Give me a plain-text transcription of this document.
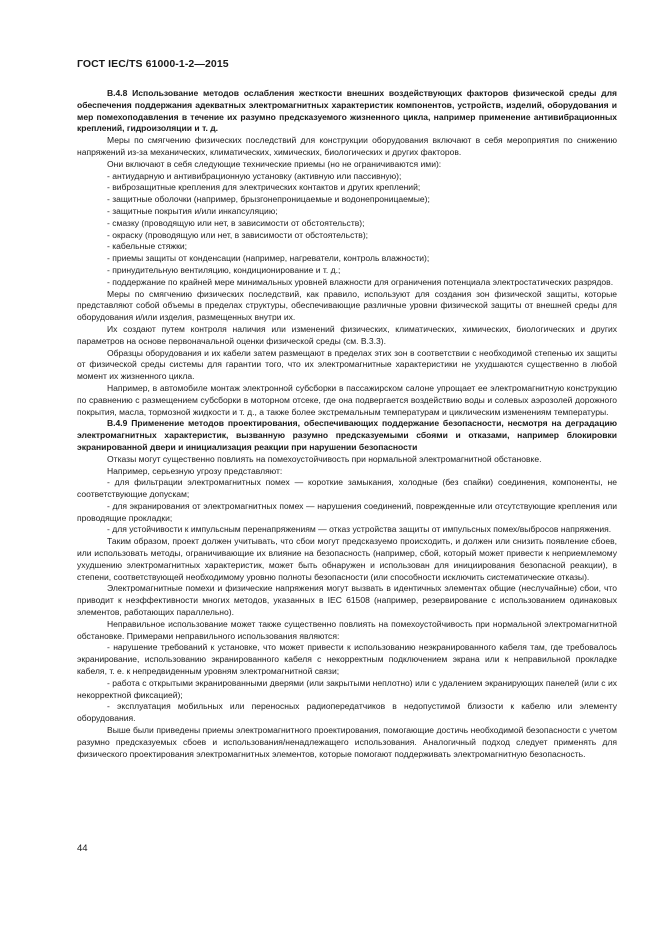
ГОСТ IEC/TS 61000-1-2—2015

В.4.8 Использование методов ослабления жесткости внешних воздействующих факторов физической среды для обеспечения поддержания адекватных электромагнитных характеристик компонентов, устройств, изделий, оборудования и мер помехоподавления в течение их разумно предсказуемого жизненного цикла, например применение антивибрационных креплений, гидроизоляции и т. д.

Меры по смягчению физических последствий для конструкции оборудования включают в себя мероприятия по снижению напряжений из-за механических, климатических, химических, биологических и других факторов.

Они включают в себя следующие технические приемы (но не ограничиваются ими):

- антиударную и антивибрационную установку (активную или пассивную);

- виброзащитные крепления для электрических контактов и других креплений;

- защитные оболочки (например, брызгонепроницаемые и водонепроницаемые);

- защитные покрытия и/или инкапсуляцию;

- смазку (проводящую или нет, в зависимости от обстоятельств);

- окраску (проводящую или нет, в зависимости от обстоятельств);

- кабельные стяжки;

- приемы защиты от конденсации (например, нагреватели, контроль влажности);

- принудительную вентиляцию, кондиционирование и т. д.;

- поддержание по крайней мере минимальных уровней влажности для ограничения потенциала электростатических разрядов.

Меры по смягчению физических последствий, как правило, используют для создания зон физической защиты, которые представляют собой объемы в пределах структуры, обеспечивающие различные уровни физической защиты от внешней среды для оборудования и/или изделия, размещенных внутри их.

Их создают путем контроля наличия или изменений физических, климатических, химических, биологических и других параметров на основе первоначальной оценки физической среды (см. В.3.3).

Образцы оборудования и их кабели затем размещают в пределах этих зон в соответствии с необходимой степенью их защиты от физической среды системы для гарантии того, что их электромагнитные характеристики не ухудшаются существенно в любой момент их жизненного цикла.

Например, в автомобиле монтаж электронной субсборки в пассажирском салоне упрощает ее электромагнитную конструкцию по сравнению с размещением субсборки в моторном отсеке, где она подвергается воздействию воды и солевых аэрозолей дорожного покрытия, масла, тормозной жидкости и т. д., а также более экстремальным температурам и циклическим изменениям температуры.

В.4.9 Применение методов проектирования, обеспечивающих поддержание безопасности, несмотря на деградацию электромагнитных характеристик, вызванную разумно предсказуемыми сбоями и отказами, например блокировки экранированной двери и инициализация реакции при нарушении безопасности

Отказы могут существенно повлиять на помехоустойчивость при нормальной электромагнитной обстановке.

Например, серьезную угрозу представляют:

- для фильтрации электромагнитных помех — короткие замыкания, холодные (без спайки) соединения, компоненты, не соответствующие допускам;

- для экранирования от электромагнитных помех — нарушения соединений, поврежденные или отсутствующие крепления или проводящие прокладки;

- для устойчивости к импульсным перенапряжениям — отказ устройства защиты от импульсных помех/выбросов напряжения.

Таким образом, проект должен учитывать, что сбои могут предсказуемо происходить, и должен или снизить появление сбоев, или использовать методы, ограничивающие их влияние на безопасность (например, сбой, который может привести к неприемлемому ухудшению электромагнитных характеристик, может быть обнаружен и использован для инициирования безопасной реакции), в степени, соответствующей необходимому уровню полноты безопасности (или способности исключить систематические отказы).

Электромагнитные помехи и физические напряжения могут вызвать в идентичных элементах общие (неслучайные) сбои, что приводит к неэффективности многих методов, указанных в IEC 61508 (например, резервирование с использованием одинаковых элементов, работающих параллельно).

Неправильное использование может также существенно повлиять на помехоустойчивость при нормальной электромагнитной обстановке. Примерами неправильного использования являются:

- нарушение требований к установке, что может привести к использованию неэкранированного кабеля там, где требовалось экранирование, использованию экранированного кабеля с некорректным подключением экрана или к неправильной прокладке кабеля, т. е. к непредвиденным уровням электромагнитной связи;

- работа с открытыми экранированными дверями (или закрытыми неплотно) или с удалением экранирующих панелей (или с их некорректной фиксацией);

- эксплуатация мобильных или переносных радиопередатчиков в недопустимой близости к кабелю или элементу оборудования.

Выше были приведены приемы электромагнитного проектирования, помогающие достичь необходимой безопасности с учетом разумно предсказуемых сбоев и использования/ненадлежащего использования. Аналогичный подход следует применять для физического проектирования электромагнитных элементов, которые помогают поддерживать электромагнитную безопасность.

44
